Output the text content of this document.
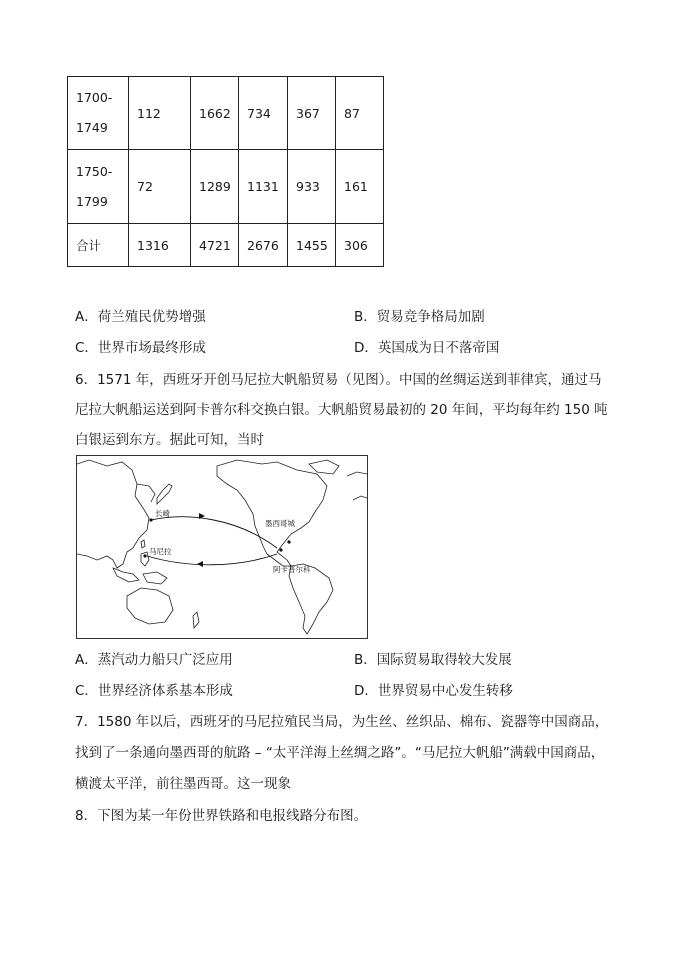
1700-
1749	112	1662	734	367	87

1750-
1799	72	1289	1131	933	161
合计	1316	4721	2676	1455	306
A．荷兰殖民优势增强	B．贸易竞争格局加剧
C．世界市场最终形成	D．英国成为日不落帝国
6．1571 年，西班牙开创马尼拉大帆船贸易（见图）。中国的丝绸运送到菲律宾，通过马
尼拉大帆船运送到阿卡普尔科交换白银。大帆船贸易最初的 20 年间，平均每年约 150 吨
白银运到东方。据此可知，当时
长崎
马尼拉
墨西哥城
阿卡普尔科
A．蒸汽动力船只广泛应用	B．国际贸易取得较大发展
C．世界经济体系基本形成	D．世界贸易中心发生转移
7．1580 年以后，西班牙的马尼拉殖民当局，为生丝、丝织品、棉布、瓷器等中国商品，
找到了一条通向墨西哥的航路 – “太平洋海上丝绸之路”。“马尼拉大帆船”满载中国商品，
横渡太平洋，前往墨西哥。这一现象
8．下图为某一年份世界铁路和电报线路分布图。
